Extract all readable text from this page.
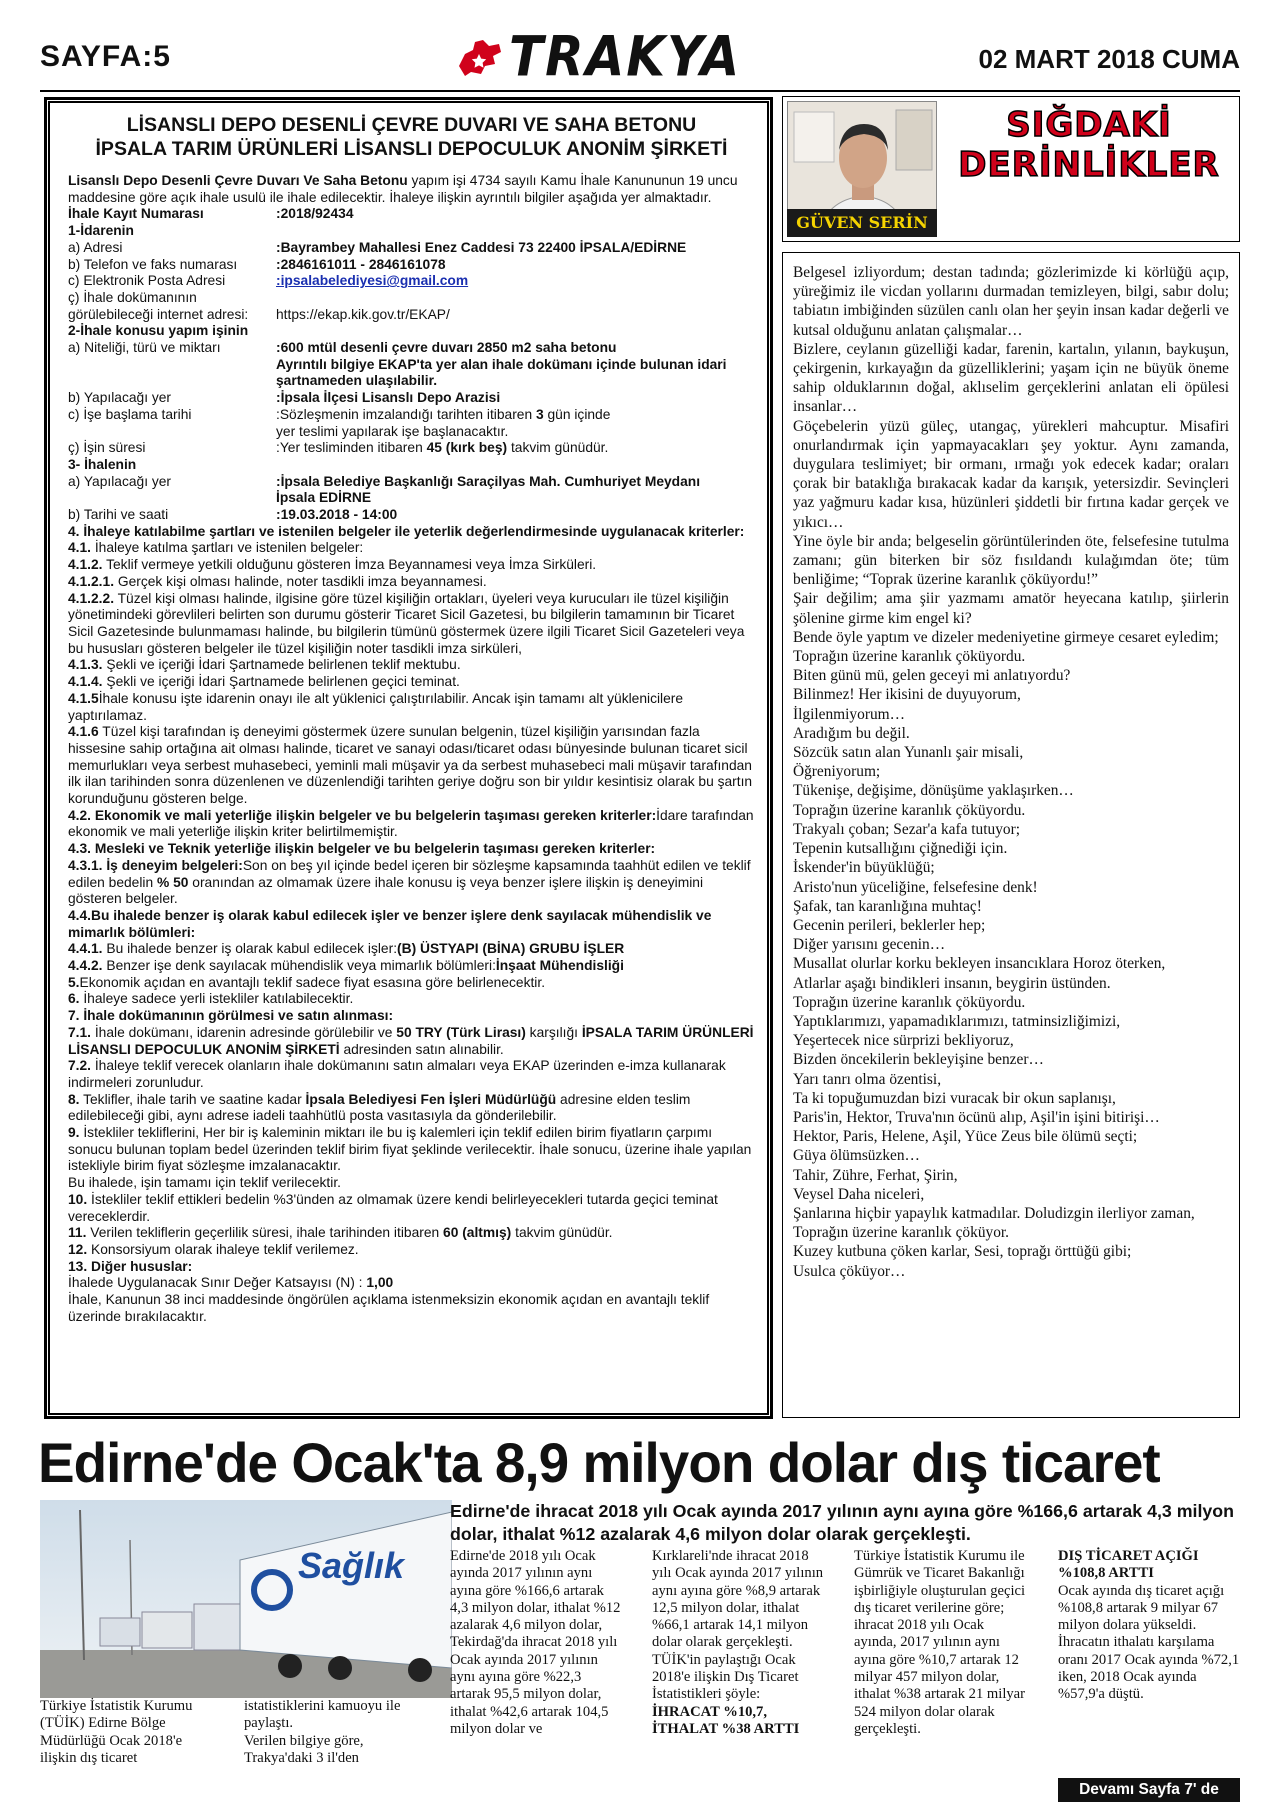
SAYFA:5	TRAKYA	02 MART 2018 CUMA
LİSANSLI DEPO DESENLİ ÇEVRE DUVARI VE SAHA BETONU
İPSALA TARIM ÜRÜNLERİ LİSANSLI DEPOCULUK ANONİM ŞİRKETİ
Lisanslı Depo Desenli Çevre Duvarı Ve Saha Betonu yapım işi 4734 sayılı Kamu İhale Kanununun 19 uncu maddesine göre açık ihale usulü ile ihale edilecektir. İhaleye ilişkin ayrıntılı bilgiler aşağıda yer almaktadır.
İhale Kayıt Numarası	:2018/92434
1-İdarenin
a) Adresi	:Bayrambey Mahallesi Enez Caddesi 73 22400 İPSALA/EDİRNE
b) Telefon ve faks numarası	:2846161011 - 2846161078
c) Elektronik Posta Adresi	:ipsalabelediyesi@gmail.com
ç) İhale dokümanının
görülebileceği internet adresi:	https://ekap.kik.gov.tr/EKAP/
2-İhale konusu yapım işinin
a) Niteliği, türü ve miktarı	:600 mtül desenli çevre duvarı 2850 m2 saha betonu
Ayrıntılı bilgiye EKAP'ta yer alan ihale dokümanı içinde bulunan idari şartnameden ulaşılabilir.
b) Yapılacağı yer	:İpsala İlçesi Lisanslı Depo Arazisi
c) İşe başlama tarihi	:Sözleşmenin imzalandığı tarihten itibaren 3 gün içinde
yer teslimi yapılarak işe başlanacaktır.
ç) İşin süresi	:Yer tesliminden itibaren 45 (kırk beş) takvim günüdür.
3- İhalenin
a) Yapılacağı yer	:İpsala Belediye Başkanlığı Saraçilyas Mah. Cumhuriyet Meydanı
İpsala EDİRNE
b) Tarihi ve saati	:19.03.2018 - 14:00
4. İhaleye katılabilme şartları ve istenilen belgeler ile yeterlik değerlendirmesinde uygulanacak kriterler:
4.1. İhaleye katılma şartları ve istenilen belgeler:
4.1.2. Teklif vermeye yetkili olduğunu gösteren İmza Beyannamesi veya İmza Sirküleri.
4.1.2.1. Gerçek kişi olması halinde, noter tasdikli imza beyannamesi.
4.1.2.2. Tüzel kişi olması halinde, ilgisine göre tüzel kişiliğin ortakları, üyeleri veya kurucuları ile tüzel kişiliğin yönetimindeki görevlileri belirten son durumu gösterir Ticaret Sicil Gazetesi, bu bilgilerin tamamının bir Ticaret Sicil Gazetesinde bulunmaması halinde, bu bilgilerin tümünü göstermek üzere ilgili Ticaret Sicil Gazeteleri veya bu hususları gösteren belgeler ile tüzel kişiliğin noter tasdikli imza sirküleri,
4.1.3. Şekli ve içeriği İdari Şartnamede belirlenen teklif mektubu.
4.1.4. Şekli ve içeriği İdari Şartnamede belirlenen geçici teminat.
4.1.5İhale konusu işte idarenin onayı ile alt yüklenici çalıştırılabilir. Ancak işin tamamı alt yüklenicilere yaptırılamaz.
4.1.6 Tüzel kişi tarafından iş deneyimi göstermek üzere sunulan belgenin, tüzel kişiliğin yarısından fazla hissesine sahip ortağına ait olması halinde, ticaret ve sanayi odası/ticaret odası bünyesinde bulunan ticaret sicil memurlukları veya serbest muhasebeci, yeminli mali müşavir ya da serbest muhasebeci mali müşavir tarafından ilk ilan tarihinden sonra düzenlenen ve düzenlendiği tarihten geriye doğru son bir yıldır kesintisiz olarak bu şartın korunduğunu gösteren belge.
4.2. Ekonomik ve mali yeterliğe ilişkin belgeler ve bu belgelerin taşıması gereken kriterler:İdare tarafından ekonomik ve mali yeterliğe ilişkin kriter belirtilmemiştir.
4.3. Mesleki ve Teknik yeterliğe ilişkin belgeler ve bu belgelerin taşıması gereken kriterler:
4.3.1. İş deneyim belgeleri:Son on beş yıl içinde bedel içeren bir sözleşme kapsamında taahhüt edilen ve teklif edilen bedelin % 50 oranından az olmamak üzere ihale konusu iş veya benzer işlere ilişkin iş deneyimini gösteren belgeler.
4.4.Bu ihalede benzer iş olarak kabul edilecek işler ve benzer işlere denk sayılacak mühendislik ve mimarlık bölümleri:
4.4.1. Bu ihalede benzer iş olarak kabul edilecek işler:(B) ÜSTYAPI (BİNA) GRUBU İŞLER
4.4.2. Benzer işe denk sayılacak mühendislik veya mimarlık bölümleri:İnşaat Mühendisliği
5.Ekonomik açıdan en avantajlı teklif sadece fiyat esasına göre belirlenecektir.
6. İhaleye sadece yerli istekliler katılabilecektir.
7. İhale dokümanının görülmesi ve satın alınması:
7.1. İhale dokümanı, idarenin adresinde görülebilir ve 50 TRY (Türk Lirası) karşılığı İPSALA TARIM ÜRÜNLERİ LİSANSLI DEPOCULUK ANONİM ŞİRKETİ adresinden satın alınabilir.
7.2. İhaleye teklif verecek olanların ihale dokümanını satın almaları veya EKAP üzerinden e-imza kullanarak indirmeleri zorunludur.
8. Teklifler, ihale tarih ve saatine kadar İpsala Belediyesi Fen İşleri Müdürlüğü adresine elden teslim edilebileceği gibi, aynı adrese iadeli taahhütlü posta vasıtasıyla da gönderilebilir.
9. İstekliler tekliflerini, Her bir iş kaleminin miktarı ile bu iş kalemleri için teklif edilen birim fiyatların çarpımı sonucu bulunan toplam bedel üzerinden teklif birim fiyat şeklinde verilecektir. İhale sonucu, üzerine ihale yapılan istekliyle birim fiyat sözleşme imzalanacaktır.
Bu ihalede, işin tamamı için teklif verilecektir.
10. İstekliler teklif ettikleri bedelin %3'ünden az olmamak üzere kendi belirleyecekleri tutarda geçici teminat vereceklerdir.
11. Verilen tekliflerin geçerlilik süresi, ihale tarihinden itibaren 60 (altmış) takvim günüdür.
12. Konsorsiyum olarak ihaleye teklif verilemez.
13. Diğer hususlar:
İhalede Uygulanacak Sınır Değer Katsayısı (N) : 1,00
İhale, Kanunun 38 inci maddesinde öngörülen açıklama istenmeksizin ekonomik açıdan en avantajlı teklif üzerinde bırakılacaktır.
GÜVEN SERİN
SIĞDAKİ
DERİNLİKLER

Belgesel izliyordum; destan tadında; gözlerimizde ki körlüğü açıp, yüreğimiz ile vicdan yollarını durmadan temizleyen, bilgi, sabır dolu; tabiatın imbiğinden süzülen canlı olan her şeyin insan kadar değerli ve kutsal olduğunu anlatan çalışmalar…

Bizlere, ceylanın güzelliği kadar, farenin, kartalın, yılanın, baykuşun, çekirgenin, kırkayağın da güzelliklerini; yaşam için ne büyük öneme sahip olduklarının doğal, aklıselim gerçeklerini anlatan eli öpülesi insanlar…

Göçebelerin yüzü güleç, utangaç, yürekleri mahcuptur. Misafiri onurlandırmak için yapmayacakları şey yoktur. Aynı zamanda, duygulara teslimiyet; bir ormanı, ırmağı yok edecek kadar; oraları çorak bir bataklığa bırakacak kadar da karışık, yetersizdir. Sevinçleri yaz yağmuru kadar kısa, hüzünleri şiddetli bir fırtına kadar gerçek ve yıkıcı…

Yine öyle bir anda; belgeselin görüntülerinden öte, felsefesine tutulma zamanı; gün biterken bir söz fısıldandı kulağımdan öte; tüm benliğime; “Toprak üzerine karanlık çöküyordu!”

Şair değilim; ama şiir yazmamı amatör heyecana katılıp, şiirlerin şölenine girme kim engel ki?

Bende öyle yaptım ve dizeler medeniyetine girmeye cesaret eyledim;

Toprağın üzerine karanlık çöküyordu.

Biten günü mü, gelen geceyi mi anlatıyordu?

Bilinmez! Her ikisini de duyuyorum,

İlgilenmiyorum…

Aradığım bu değil.

Sözcük satın alan Yunanlı şair misali,

Öğreniyorum;

Tükenişe, değişime, dönüşüme yaklaşırken…

Toprağın üzerine karanlık çöküyordu.

Trakyalı çoban; Sezar'a kafa tutuyor;

Tepenin kutsallığını çiğnediği için.

İskender'in büyüklüğü;

Aristo'nun yüceliğine, felsefesine denk!

Şafak, tan karanlığına muhtaç!

Gecenin perileri, beklerler hep;

Diğer yarısını gecenin…

Musallat olurlar korku bekleyen insancıklara Horoz öterken,

Atlarlar aşağı bindikleri insanın, beygirin üstünden.

Toprağın üzerine karanlık çöküyordu.

Yaptıklarımızı, yapamadıklarımızı, tatminsizliğimizi,

Yeşertecek nice sürprizi bekliyoruz,

Bizden öncekilerin bekleyişine benzer…

Yarı tanrı olma özentisi,

Ta ki topuğumuzdan bizi vuracak bir okun saplanışı,

Paris'in, Hektor, Truva'nın öcünü alıp, Aşil'in işini bitirişi…

Hektor, Paris, Helene, Aşil, Yüce Zeus bile ölümü seçti;

Güya ölümsüzken…

Tahir, Zühre, Ferhat, Şirin,

Veysel Daha niceleri,

Şanlarına hiçbir yapaylık katmadılar. Doludizgin ilerliyor zaman,

Toprağın üzerine karanlık çöküyor.

Kuzey kutbuna çöken karlar, Sesi, toprağı örttüğü gibi;

Usulca çöküyor…

Edirne'de Ocak'ta 8,9 milyon dolar dış ticaret
Sağlık
Edirne'de ihracat 2018 yılı Ocak ayında 2017 yılının aynı ayına göre %166,6 artarak 4,3 milyon dolar, ithalat %12 azalarak 4,6 milyon dolar olarak gerçekleşti.
Türkiye İstatistik Kurumu (TÜİK) Edirne Bölge Müdürlüğü Ocak 2018'e ilişkin dış ticaret
istatistiklerini kamuoyu ile paylaştı.
Verilen bilgiye göre, Trakya'daki 3 il'den
Edirne'de 2018 yılı Ocak ayında 2017 yılının aynı ayına göre %166,6 artarak 4,3 milyon dolar, ithalat %12 azalarak 4,6 milyon dolar, Tekirdağ'da ihracat 2018 yılı Ocak ayında 2017 yılının aynı ayına göre %22,3 artarak 95,5 milyon dolar, ithalat %42,6 artarak 104,5 milyon dolar ve
Kırklareli'nde ihracat 2018 yılı Ocak ayında 2017 yılının aynı ayına göre %8,9 artarak 12,5 milyon dolar, ithalat %66,1 artarak 14,1 milyon dolar olarak gerçekleşti.
TÜİK'in paylaştığı Ocak 2018'e ilişkin Dış Ticaret İstatistikleri şöyle:
İHRACAT %10,7,
İTHALAT %38 ARTTI
Türkiye İstatistik Kurumu ile Gümrük ve Ticaret Bakanlığı işbirliğiyle oluşturulan geçici dış ticaret verilerine göre; ihracat 2018 yılı Ocak ayında, 2017 yılının aynı ayına göre %10,7 artarak 12 milyar 457 milyon dolar, ithalat %38 artarak 21 milyar 524 milyon dolar olarak gerçekleşti.
DIŞ TİCARET AÇIĞI %108,8 ARTTI
Ocak ayında dış ticaret açığı %108,8 artarak 9 milyar 67 milyon dolara yükseldi. İhracatın ithalatı karşılama oranı 2017 Ocak ayında %72,1 iken, 2018 Ocak ayında %57,9'a düştü.
Devamı Sayfa 7' de
